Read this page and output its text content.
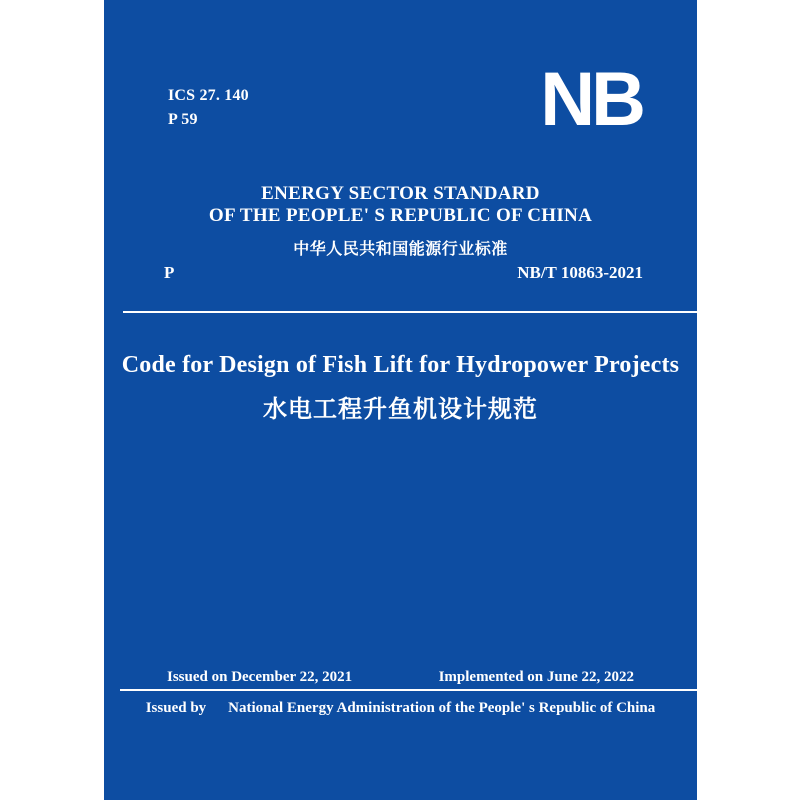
ICS 27. 140
P 59	NB
ENERGY SECTOR STANDARD
OF THE PEOPLE' S REPUBLIC OF CHINA
中华人民共和国能源行业标准
P	NB/T 10863-2021
Code for Design of Fish Lift for Hydropower Projects
水电工程升鱼机设计规范
Issued on December 22, 2021	Implemented on June 22, 2022
Issued by National Energy Administration of the People' s Republic of China
